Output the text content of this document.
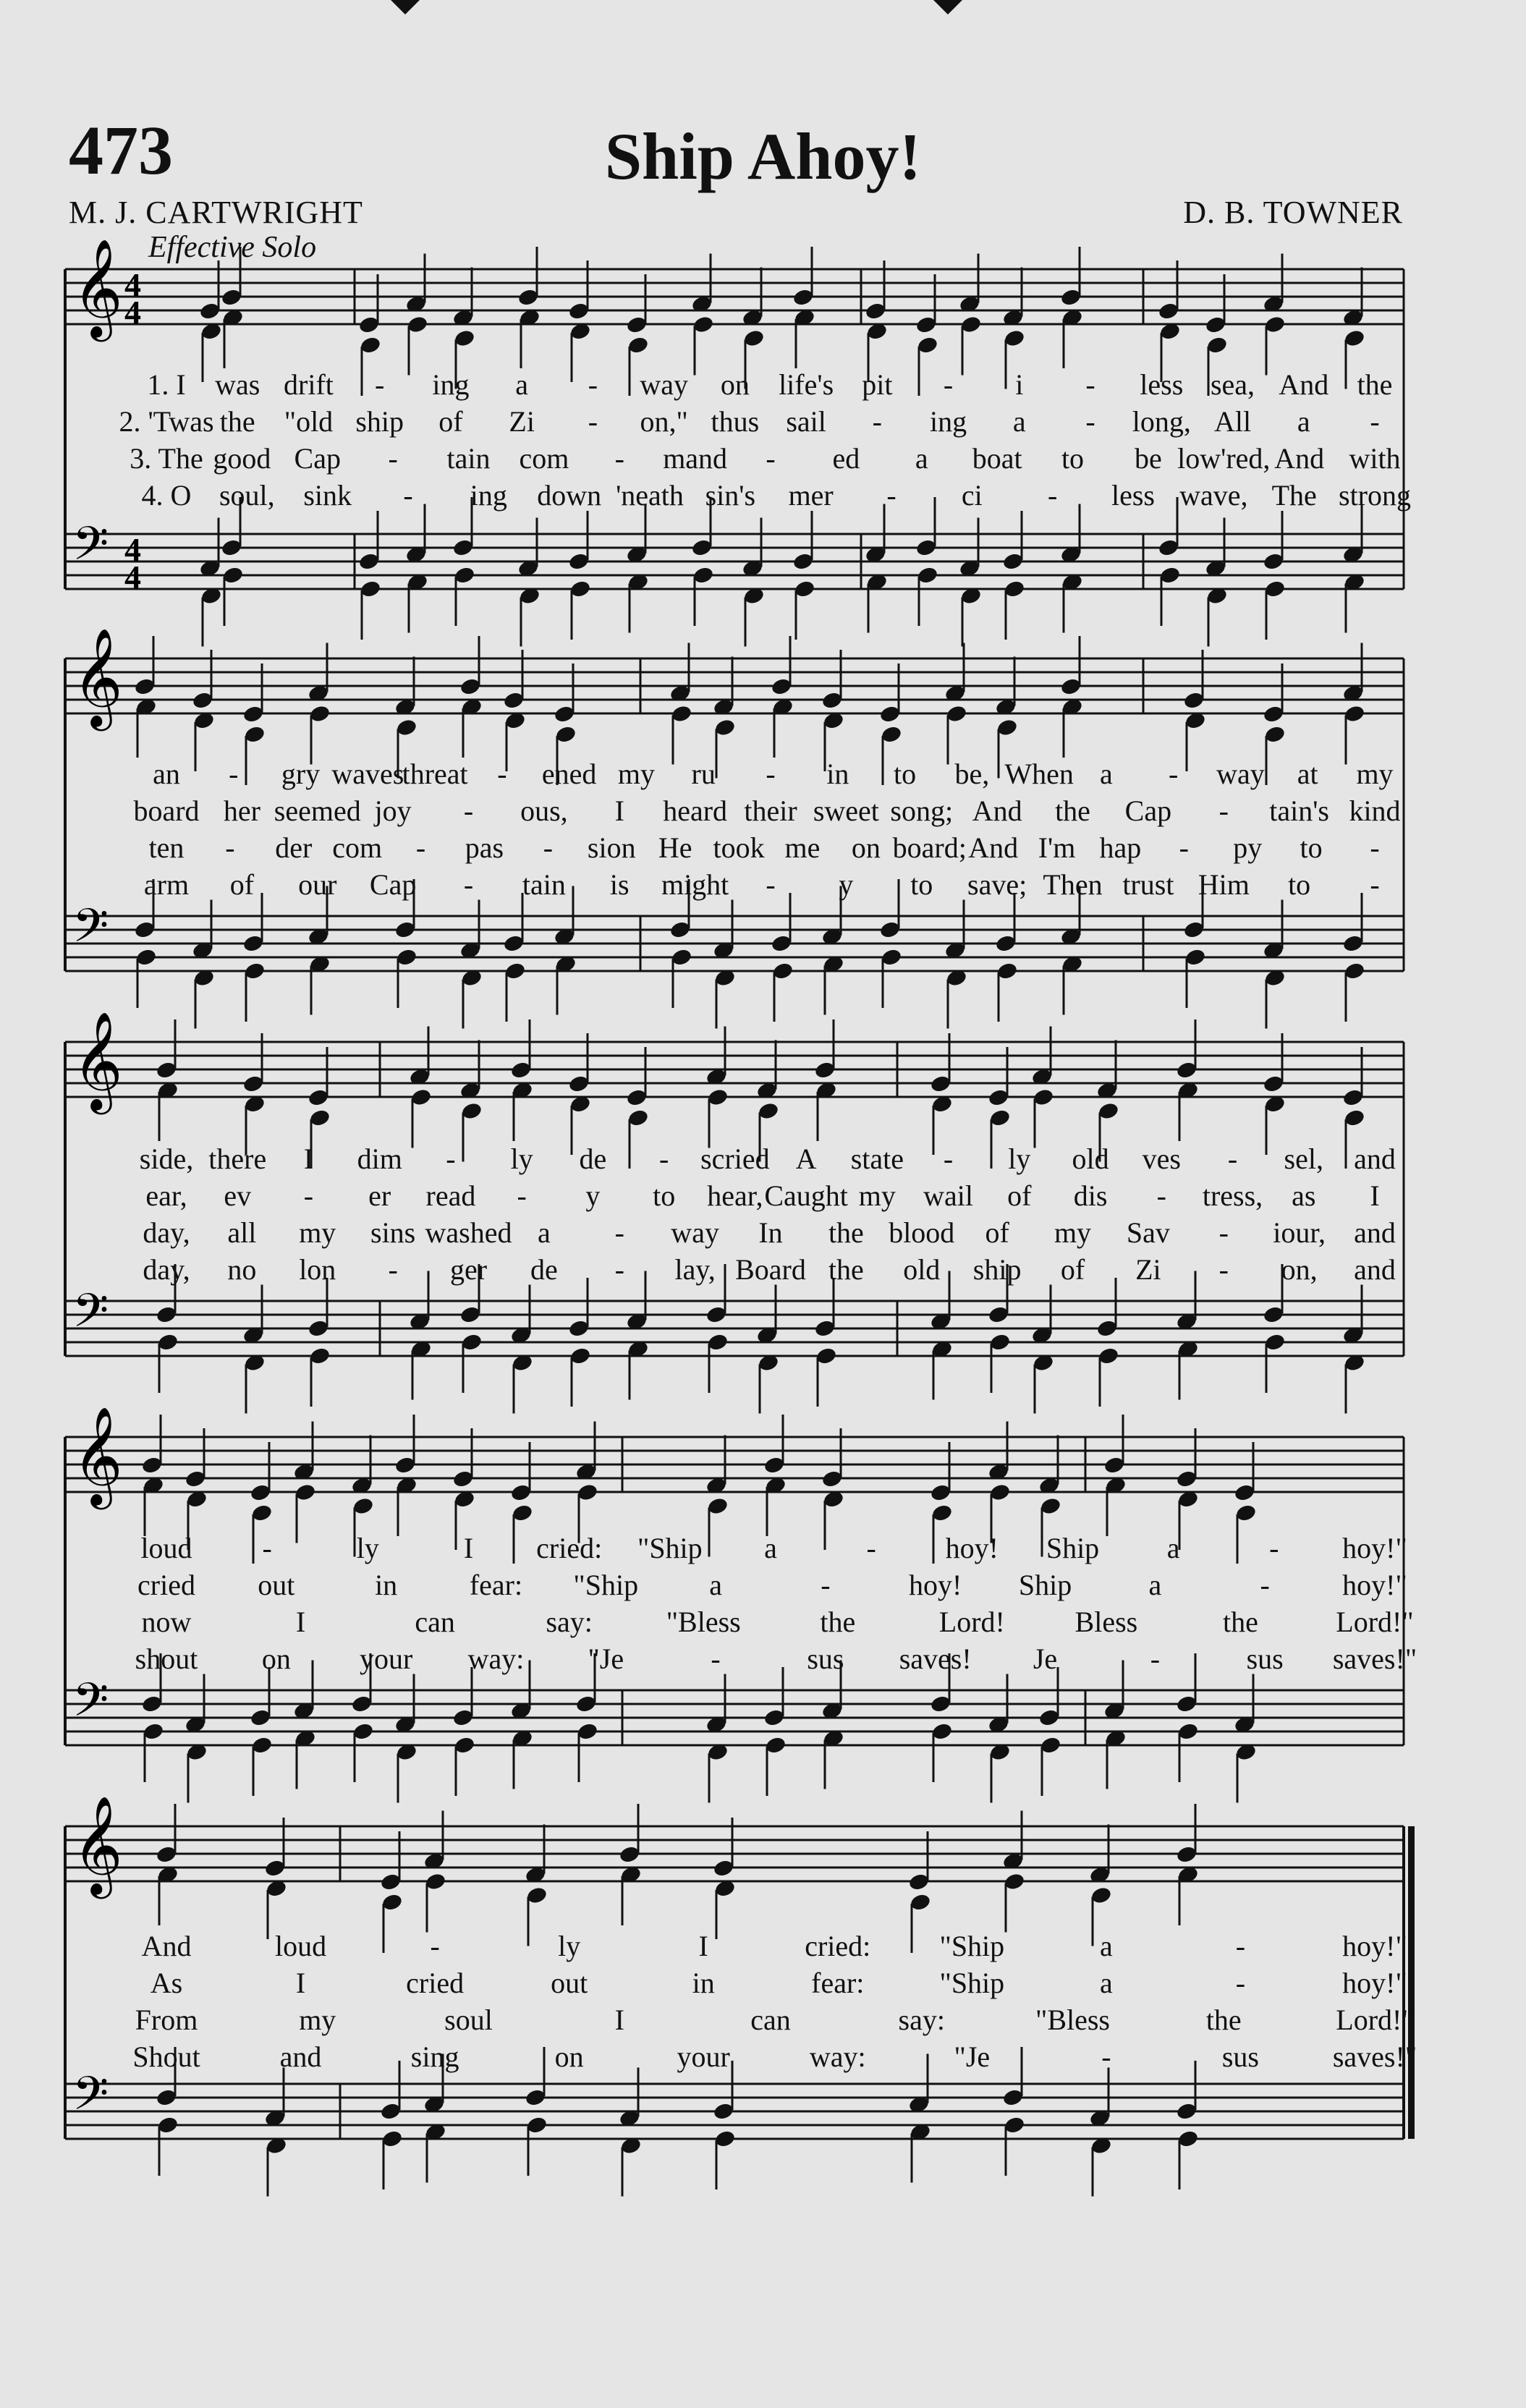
473	Ship Ahoy!
M. J. CARTWRIGHT	D. B. TOWNER
Effective Solo
𝄞
𝄢
4
4
4
4
𝄞
𝄢
𝄞
𝄢
𝄞
𝄢
𝄞
𝄢
1. I was drift - ing a - way on life's pit - i - less sea, And the
2. 'Twas the "old ship of Zi - on," thus sail - ing a - long, All a -
3. The good Cap - tain com - mand - ed a boat to be low'red, And with
4. O soul, sink - ing down 'neath sin's mer - ci - less wave, The strong
an - gry waves
threat - ened my ru - in to be, When a - way at my
board her seemed joy - ous, I heard their sweet song; And the Cap - tain's kind
ten - der com - pas - sion He took me on board; And I'm hap - py to -
arm of our Cap - tain is might - y to save; Then trust Him to -
side, there I dim - ly de - scried A state - ly old ves - sel, and
ear, ev - er read - y to hear, Caught my wail of dis - tress, as I
day, all my sins washed a - way In the blood of my Sav - iour, and
day, no lon - ger de - lay, Board the old ship of Zi - on, and
loud -	ly	I cried: "Ship a	- hoy! Ship a	- hoy!"
cried out	in fear: "Ship a	-	hoy! Ship	a	-	hoy!"
now	I	can	say:	"Bless	the	Lord! Bless	the	Lord!"
shout on your way: "Je	-	sus saves! Je	-	sus saves!"
And	loud	-	ly	I	cried: "Ship	a	-	hoy!"
As	I	cried	out	in	fear:	"Ship	a	-	hoy!"
From	my	soul	I	can	say:	"Bless	the	Lord!"
Shout	and	sing	on	your	way:	"Je	-	sus	saves!"
